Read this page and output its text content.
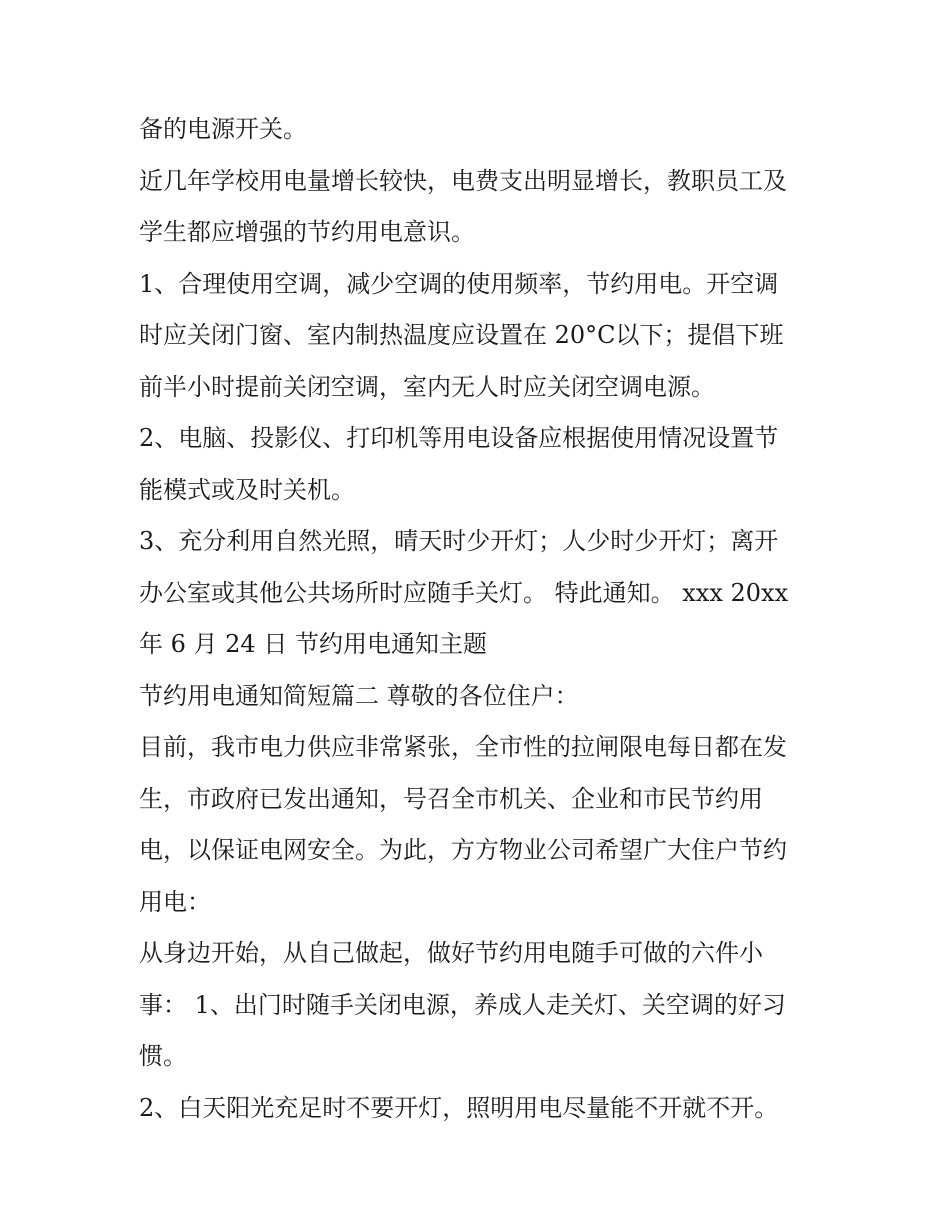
备的电源开关。
近几年学校用电量增长较快，电费支出明显增长，教职员工及
学生都应增强的节约用电意识。
1、合理使用空调，减少空调的使用频率，节约用电。开空调
时应关闭门窗、室内制热温度应设置在 20°C以下；提倡下班
前半小时提前关闭空调，室内无人时应关闭空调电源。
2、电脑、投影仪、打印机等用电设备应根据使用情况设置节
能模式或及时关机。
3、充分利用自然光照，晴天时少开灯；人少时少开灯；离开
办公室或其他公共场所时应随手关灯。 特此通知。 xxx 20xx
年 6 月 24 日 节约用电通知主题
节约用电通知简短篇二 尊敬的各位住户：
目前，我市电力供应非常紧张，全市性的拉闸限电每日都在发
生，市政府已发出通知，号召全市机关、企业和市民节约用
电，以保证电网安全。为此，方方物业公司希望广大住户节约
用电：
从身边开始，从自己做起，做好节约用电随手可做的六件小
事： 1、出门时随手关闭电源，养成人走关灯、关空调的好习
惯。
2、白天阳光充足时不要开灯，照明用电尽量能不开就不开。
